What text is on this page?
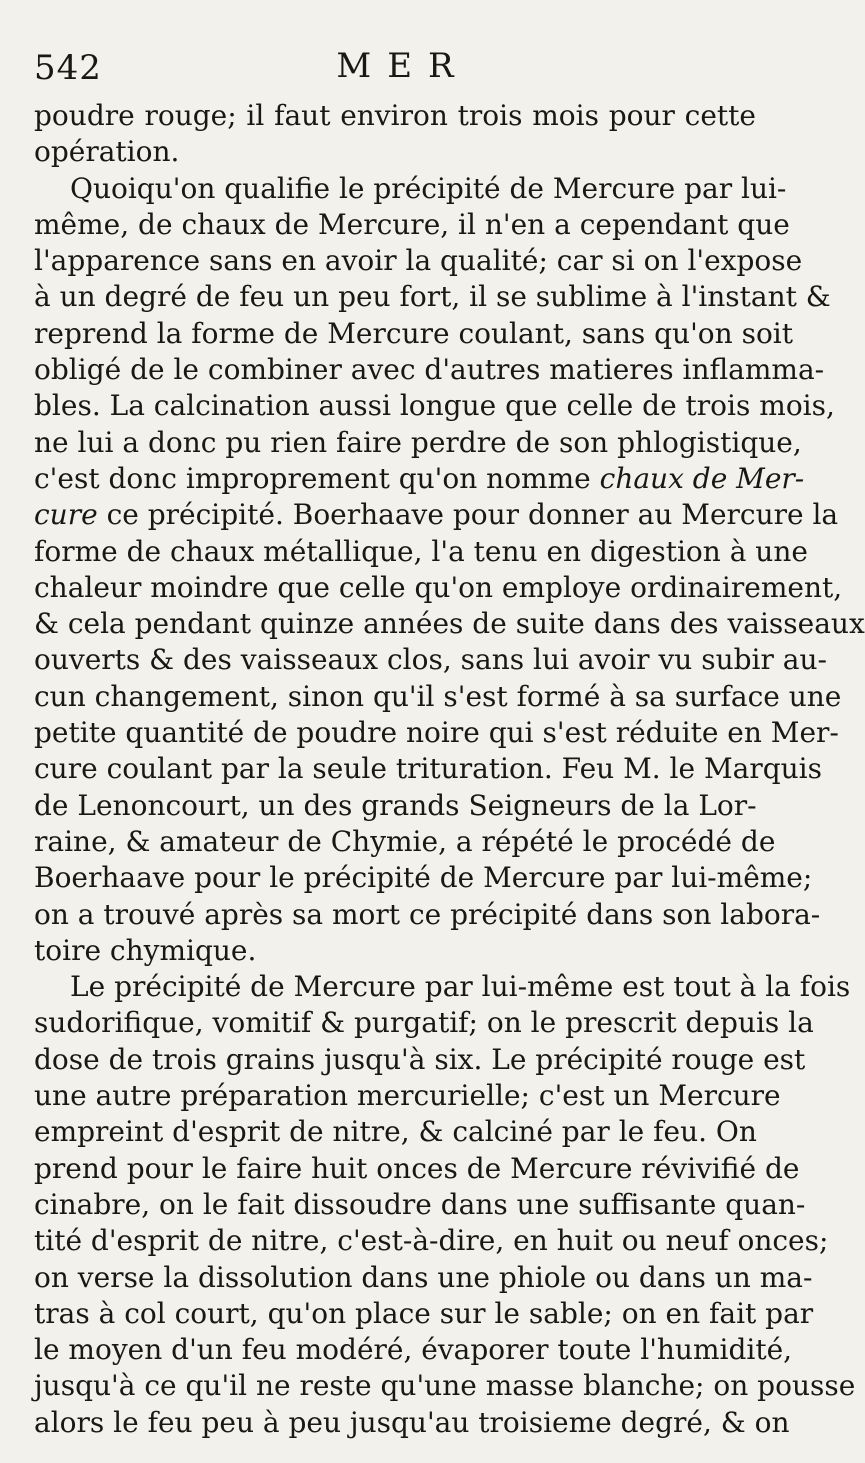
542	MER
poudre rouge; il faut environ trois mois pour cette
opération.
Quoiqu'on qualifie le précipité de Mercure par lui-
même, de chaux de Mercure, il n'en a cependant que
l'apparence sans en avoir la qualité; car si on l'expose
à un degré de feu un peu fort, il se sublime à l'instant &
reprend la forme de Mercure coulant, sans qu'on soit
obligé de le combiner avec d'autres matieres inflamma-
bles. La calcination aussi longue que celle de trois mois,
ne lui a donc pu rien faire perdre de son phlogistique,
c'est donc improprement qu'on nomme chaux de Mer-
cure ce précipité. Boerhaave pour donner au Mercure la
forme de chaux métallique, l'a tenu en digestion à une
chaleur moindre que celle qu'on employe ordinairement,
& cela pendant quinze années de suite dans des vaisseaux
ouverts & des vaisseaux clos, sans lui avoir vu subir au-
cun changement, sinon qu'il s'est formé à sa surface une
petite quantité de poudre noire qui s'est réduite en Mer-
cure coulant par la seule trituration. Feu M. le Marquis
de Lenoncourt, un des grands Seigneurs de la Lor-
raine, & amateur de Chymie, a répété le procédé de
Boerhaave pour le précipité de Mercure par lui-même;
on a trouvé après sa mort ce précipité dans son labora-
toire chymique.
Le précipité de Mercure par lui-même est tout à la fois
sudorifique, vomitif & purgatif; on le prescrit depuis la
dose de trois grains jusqu'à six. Le précipité rouge est
une autre préparation mercurielle; c'est un Mercure
empreint d'esprit de nitre, & calciné par le feu. On
prend pour le faire huit onces de Mercure révivifié de
cinabre, on le fait dissoudre dans une suffisante quan-
tité d'esprit de nitre, c'est-à-dire, en huit ou neuf onces;
on verse la dissolution dans une phiole ou dans un ma-
tras à col court, qu'on place sur le sable; on en fait par
le moyen d'un feu modéré, évaporer toute l'humidité,
jusqu'à ce qu'il ne reste qu'une masse blanche; on pousse
alors le feu peu à peu jusqu'au troisieme degré, & on
